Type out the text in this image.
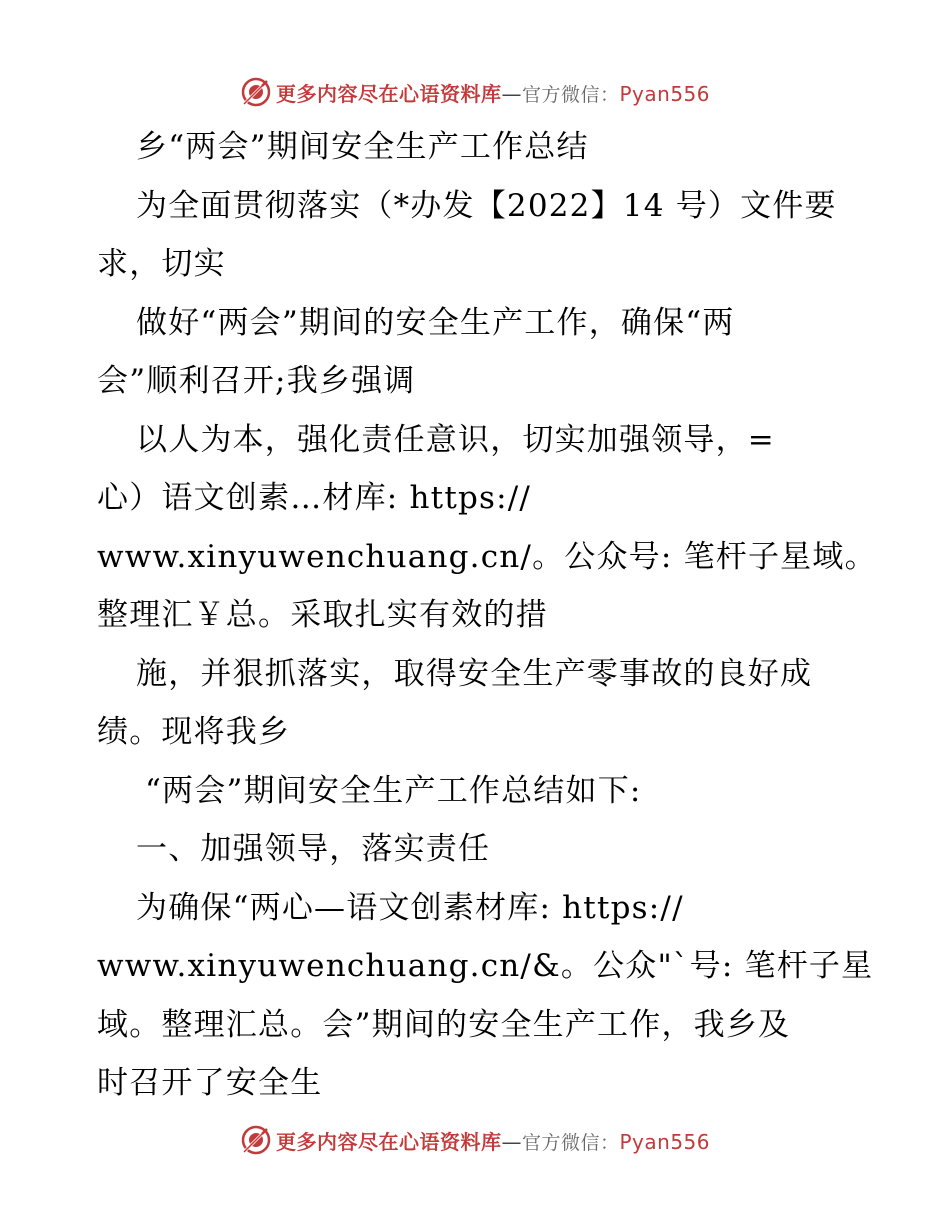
更多内容尽在心语资料库—官方微信：Pyan556

乡“两会”期间安全生产工作总结

为全面贯彻落实（*办发【2022】14 号）文件要

求，切实

做好“两会”期间的安全生产工作，确保“两

会”顺利召开;我乡强调

以人为本，强化责任意识，切实加强领导，=

心）语文创素…材库: https://

www.xinyuwenchuang.cn/。公众号: 笔杆子星域。

整理汇￥总。采取扎实有效的措

施，并狠抓落实，取得安全生产零事故的良好成

绩。现将我乡

“两会”期间安全生产工作总结如下:

一、加强领导，落实责任

为确保“两心—语文创素材库: https://

www.xinyuwenchuang.cn/&。公众"`号: 笔杆子星

域。整理汇总。会”期间的安全生产工作，我乡及

时召开了安全生

更多内容尽在心语资料库—官方微信：Pyan556
